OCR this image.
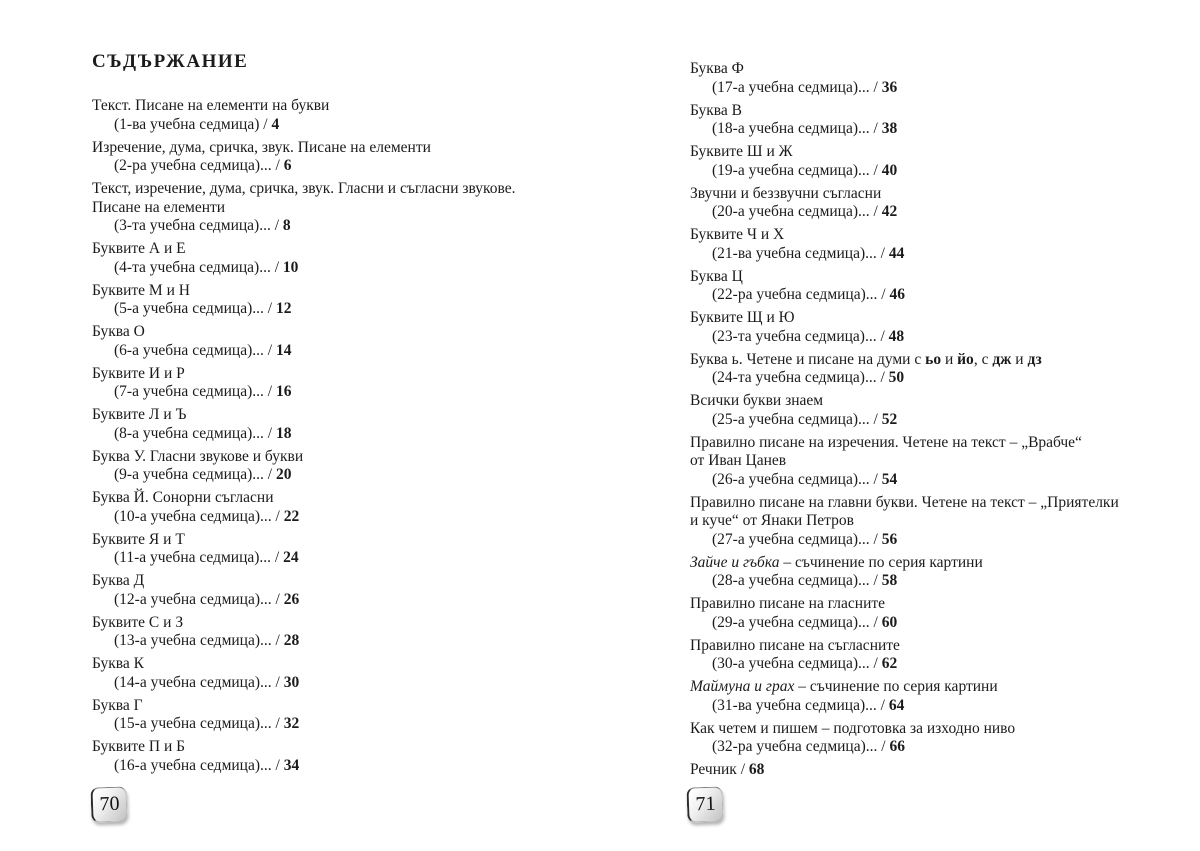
СЪДЪРЖАНИЕ
Текст. Писане на елементи на букви
(1-ва учебна седмица) / 4
Изречение, дума, сричка, звук. Писане на елементи
(2-ра учебна седмица)... / 6
Текст, изречение, дума, сричка, звук. Гласни и съгласни звукове.
Писане на елементи
(3-та учебна седмица)... / 8
Буквите А и Е
(4-та учебна седмица)... / 10
Буквите М и Н
(5-а учебна седмица)... / 12
Буква О
(6-а учебна седмица)... / 14
Буквите И и Р
(7-а учебна седмица)... / 16
Буквите Л и Ъ
(8-а учебна седмица)... / 18
Буква У. Гласни звукове и букви
(9-а учебна седмица)... / 20
Буква Й. Сонорни съгласни
(10-а учебна седмица)... / 22
Буквите Я и Т
(11-а учебна седмица)... / 24
Буква Д
(12-а учебна седмица)... / 26
Буквите С и З
(13-а учебна седмица)... / 28
Буква К
(14-а учебна седмица)... / 30
Буква Г
(15-а учебна седмица)... / 32
Буквите П и Б
(16-а учебна седмица)... / 34
Буква Ф
(17-а учебна седмица)... / 36
Буква В
(18-а учебна седмица)... / 38
Буквите Ш и Ж
(19-а учебна седмица)... / 40
Звучни и беззвучни съгласни
(20-а учебна седмица)... / 42
Буквите Ч и Х
(21-ва учебна седмица)... / 44
Буква Ц
(22-ра учебна седмица)... / 46
Буквите Щ и Ю
(23-та учебна седмица)... / 48
Буква ь. Четене и писане на думи с ьо и йо, с дж и дз
(24-та учебна седмица)... / 50
Всички букви знаем
(25-а учебна седмица)... / 52
Правилно писане на изречения. Четене на текст – „Врабче“
от Иван Цанев
(26-а учебна седмица)... / 54
Правилно писане на главни букви. Четене на текст – „Приятелки
и куче“ от Янаки Петров
(27-а учебна седмица)... / 56
Зайче и гъбка – съчинение по серия картини
(28-а учебна седмица)... / 58
Правилно писане на гласните
(29-а учебна седмица)... / 60
Правилно писане на съгласните
(30-а учебна седмица)... / 62
Маймуна и грах – съчинение по серия картини
(31-ва учебна седмица)... / 64
Как четем и пишем – подготовка за изходно ниво
(32-ра учебна седмица)... / 66
Речник / 68
70	71
